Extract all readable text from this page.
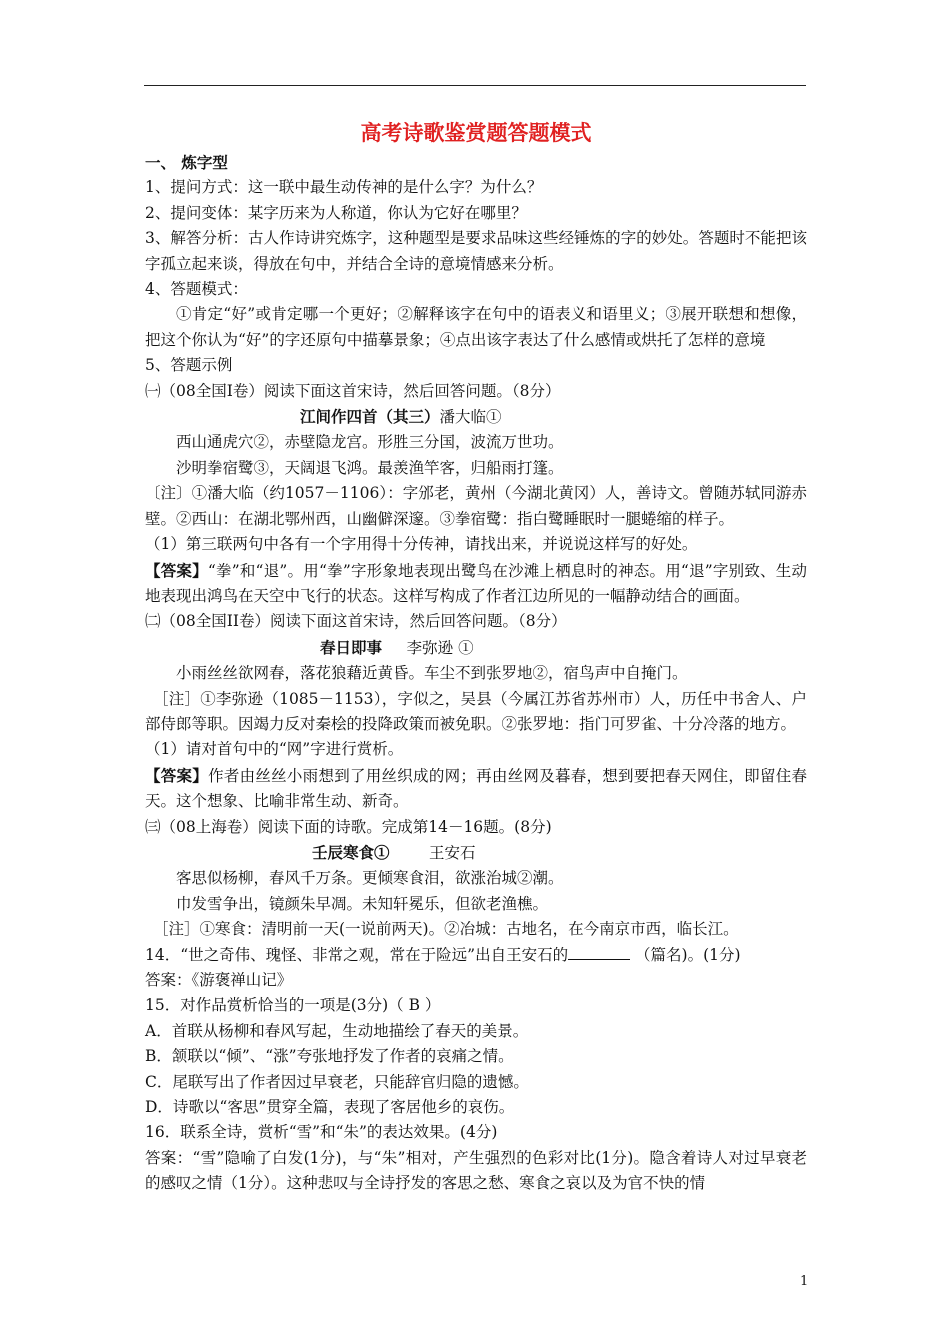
高考诗歌鉴赏题答题模式

一、 炼字型

1、提问方式：这一联中最生动传神的是什么字？为什么？

2、提问变体：某字历来为人称道，你认为它好在哪里？

3、解答分析：古人作诗讲究炼字，这种题型是要求品味这些经锤炼的字的妙处。答题时不能把该字孤立起来谈，得放在句中，并结合全诗的意境情感来分析。

4、答题模式：

①肯定“好”或肯定哪一个更好；②解释该字在句中的语表义和语里义；③展开联想和想像，把这个你认为“好”的字还原句中描摹景象；④点出该字表达了什么感情或烘托了怎样的意境

5、答题示例

㈠（08全国I卷）阅读下面这首宋诗，然后回答问题。（8分）

江间作四首（其三）潘大临①

西山通虎穴②，赤壁隐龙宫。形胜三分国，波流万世功。

沙明拳宿鹭③，天阔退飞鸿。最羡渔竿客，归船雨打篷。

〔注〕①潘大临（约1057－1106）：字邠老，黄州（今湖北黄冈）人，善诗文。曾随苏轼同游赤壁。②西山：在湖北鄂州西，山幽僻深邃。③拳宿鹭：指白鹭睡眠时一腿蜷缩的样子。

（1）第三联两句中各有一个字用得十分传神，请找出来，并说说这样写的好处。

【答案】“拳”和“退”。用“拳”字形象地表现出鹭鸟在沙滩上栖息时的神态。用“退”字别致、生动地表现出鸿鸟在天空中飞行的状态。这样写构成了作者江边所见的一幅静动结合的画面。

㈡（08全国II卷）阅读下面这首宋诗，然后回答问题。（8分）

春日即事 李弥逊 ①

小雨丝丝欲网春，落花狼藉近黄昏。车尘不到张罗地②，宿鸟声中自掩门。

［注］①李弥逊（1085－1153），字似之，吴县（今属江苏省苏州市）人，历任中书舍人、户部侍郎等职。因竭力反对秦桧的投降政策而被免职。②张罗地：指门可罗雀、十分冷落的地方。

（1）请对首句中的“网”字进行赏析。

【答案】作者由丝丝小雨想到了用丝织成的网；再由丝网及暮春，想到要把春天网住，即留住春天。这个想象、比喻非常生动、新奇。

㈢（08上海卷）阅读下面的诗歌。完成第14－16题。(8分)

壬辰寒食①	王安石

客思似杨柳，春风千万条。更倾寒食泪，欲涨治城②潮。

巾发雪争出，镜颜朱早凋。未知轩冕乐，但欲老渔樵。

［注］①寒食：清明前一天(一说前两天)。②冶城：古地名，在今南京市西，临长江。

14．“世之奇伟、瑰怪、非常之观，常在于险远”出自王安石的	（篇名)。(1分)

答案：《游褒禅山记》

15．对作品赏析恰当的一项是(3分)（ B ）

A．首联从杨柳和春风写起，生动地描绘了春天的美景。

B．颔联以“倾”、“涨”夸张地抒发了作者的哀痛之情。

C．尾联写出了作者因过早衰老，只能辞官归隐的遗憾。

D．诗歌以“客思”贯穿全篇，表现了客居他乡的哀伤。

16．联系全诗，赏析“雪”和“朱”的表达效果。(4分)

答案：“雪”隐喻了白发(1分)，与“朱”相对，产生强烈的色彩对比(1分)。隐含着诗人对过早衰老的感叹之情（1分）。这种悲叹与全诗抒发的客思之愁、寒食之哀以及为官不快的情

1
